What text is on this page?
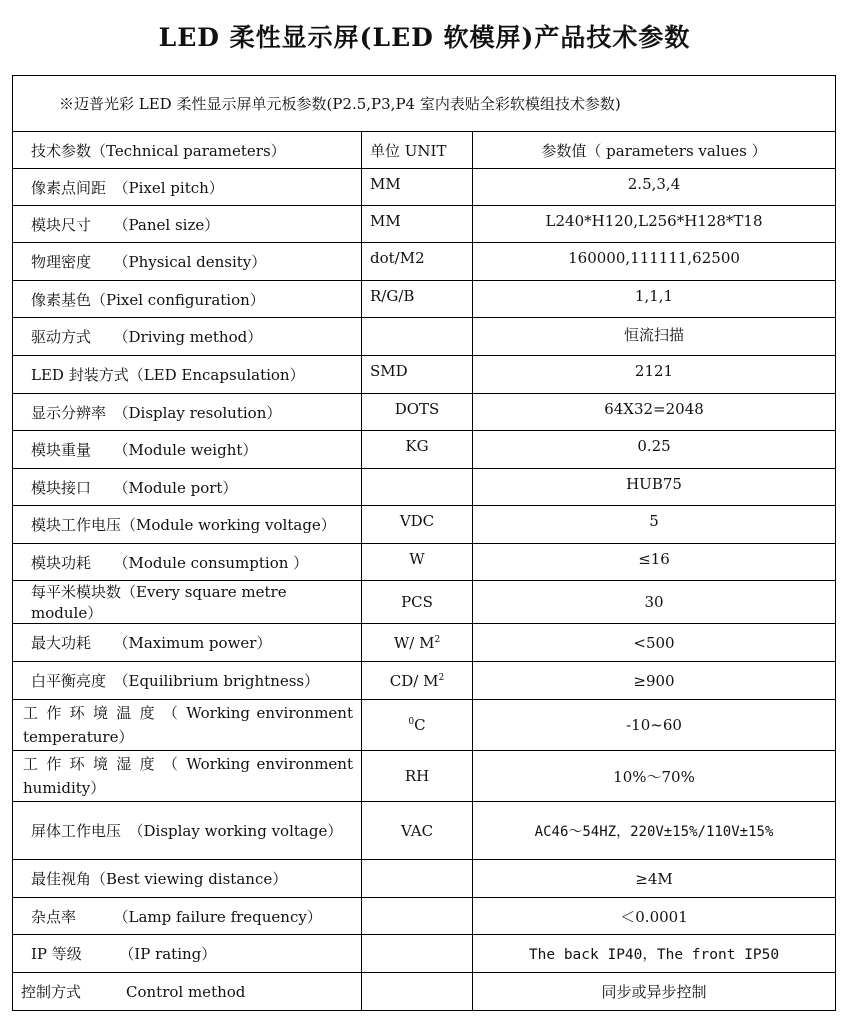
LED 柔性显示屏(LED 软模屏)产品技术参数
※迈普光彩 LED 柔性显示屏单元板参数(P2.5,P3,P4 室内表贴全彩软模组技术参数)		
技术参数（Technical parameters）	单位 UNIT	参数值（ parameters values ）
像素点间距　（Pixel pitch）	MM	2.5,3,4
模块尺寸　　（Panel size）	MM	L240*H120,L256*H128*T18
物理密度　　（Physical density）	dot/M2	160000,111111,62500
像素基色（Pixel configuration）	R/G/B	1,1,1
驱动方式　　（Driving method）		恒流扫描
LED 封装方式（LED Encapsulation）	SMD	2121
显示分辨率　（Display resolution）	DOTS	64X32=2048
模块重量　　（Module weight）	KG	0.25
模块接口　　（Module port）		HUB75
模块工作电压（Module working voltage）	VDC	5
模块功耗　　（Module consumption ）	W	≤16
每平米模块数（Every square metre module）	PCS	30
最大功耗　　（Maximum power）	W/ $M^2$	<500
白平衡亮度　（Equilibrium brightness）	CD/ $M^2$	≥900

工 作 环 境 温 度 （ Working environment
temperature）	$^0$C	-10~60

工 作 环 境 湿 度 （ Working environment
humidity）	RH	10%～70%
屏体工作电压　（Display working voltage）	VAC	AC46～54HZ，220V±15%/110V±15%
最佳视角（Best viewing distance）		≥4M
杂点率　　　（Lamp failure frequency）		＜0.0001
IP 等级　　　（IP rating）		The back IP40，The front IP50
控制方式　　　Control method		同步或异步控制
